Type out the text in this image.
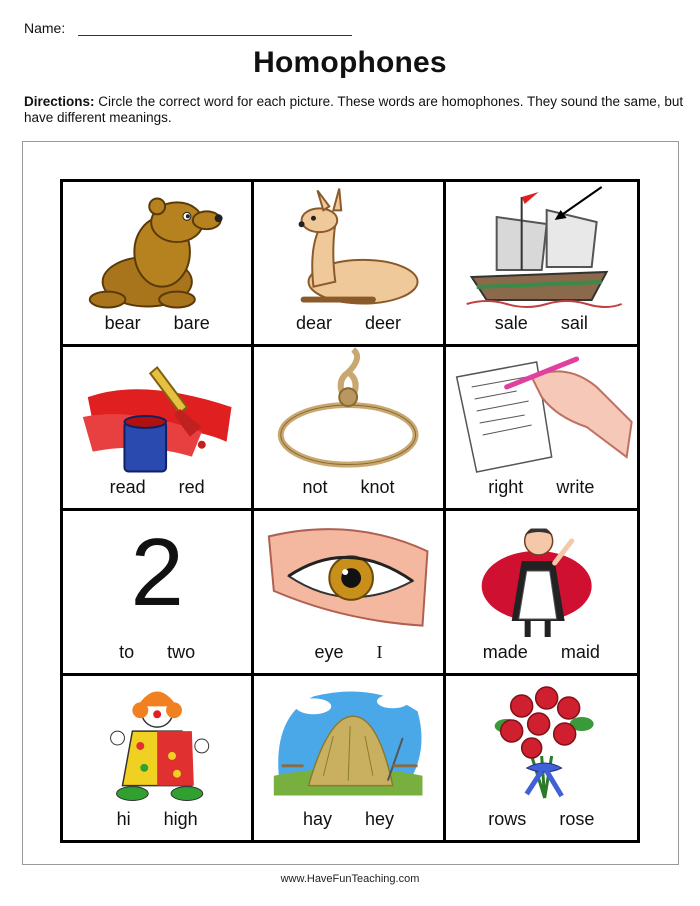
Name:
Homophones
Directions: Circle the correct word for each picture. These words are homophones. They sound the same, but have different meanings.
bear bare	dear deer	sale sail
read red	not knot	right write
2
to two	eye I	made maid
hi high	hay hey	rows rose
www.HaveFunTeaching.com
